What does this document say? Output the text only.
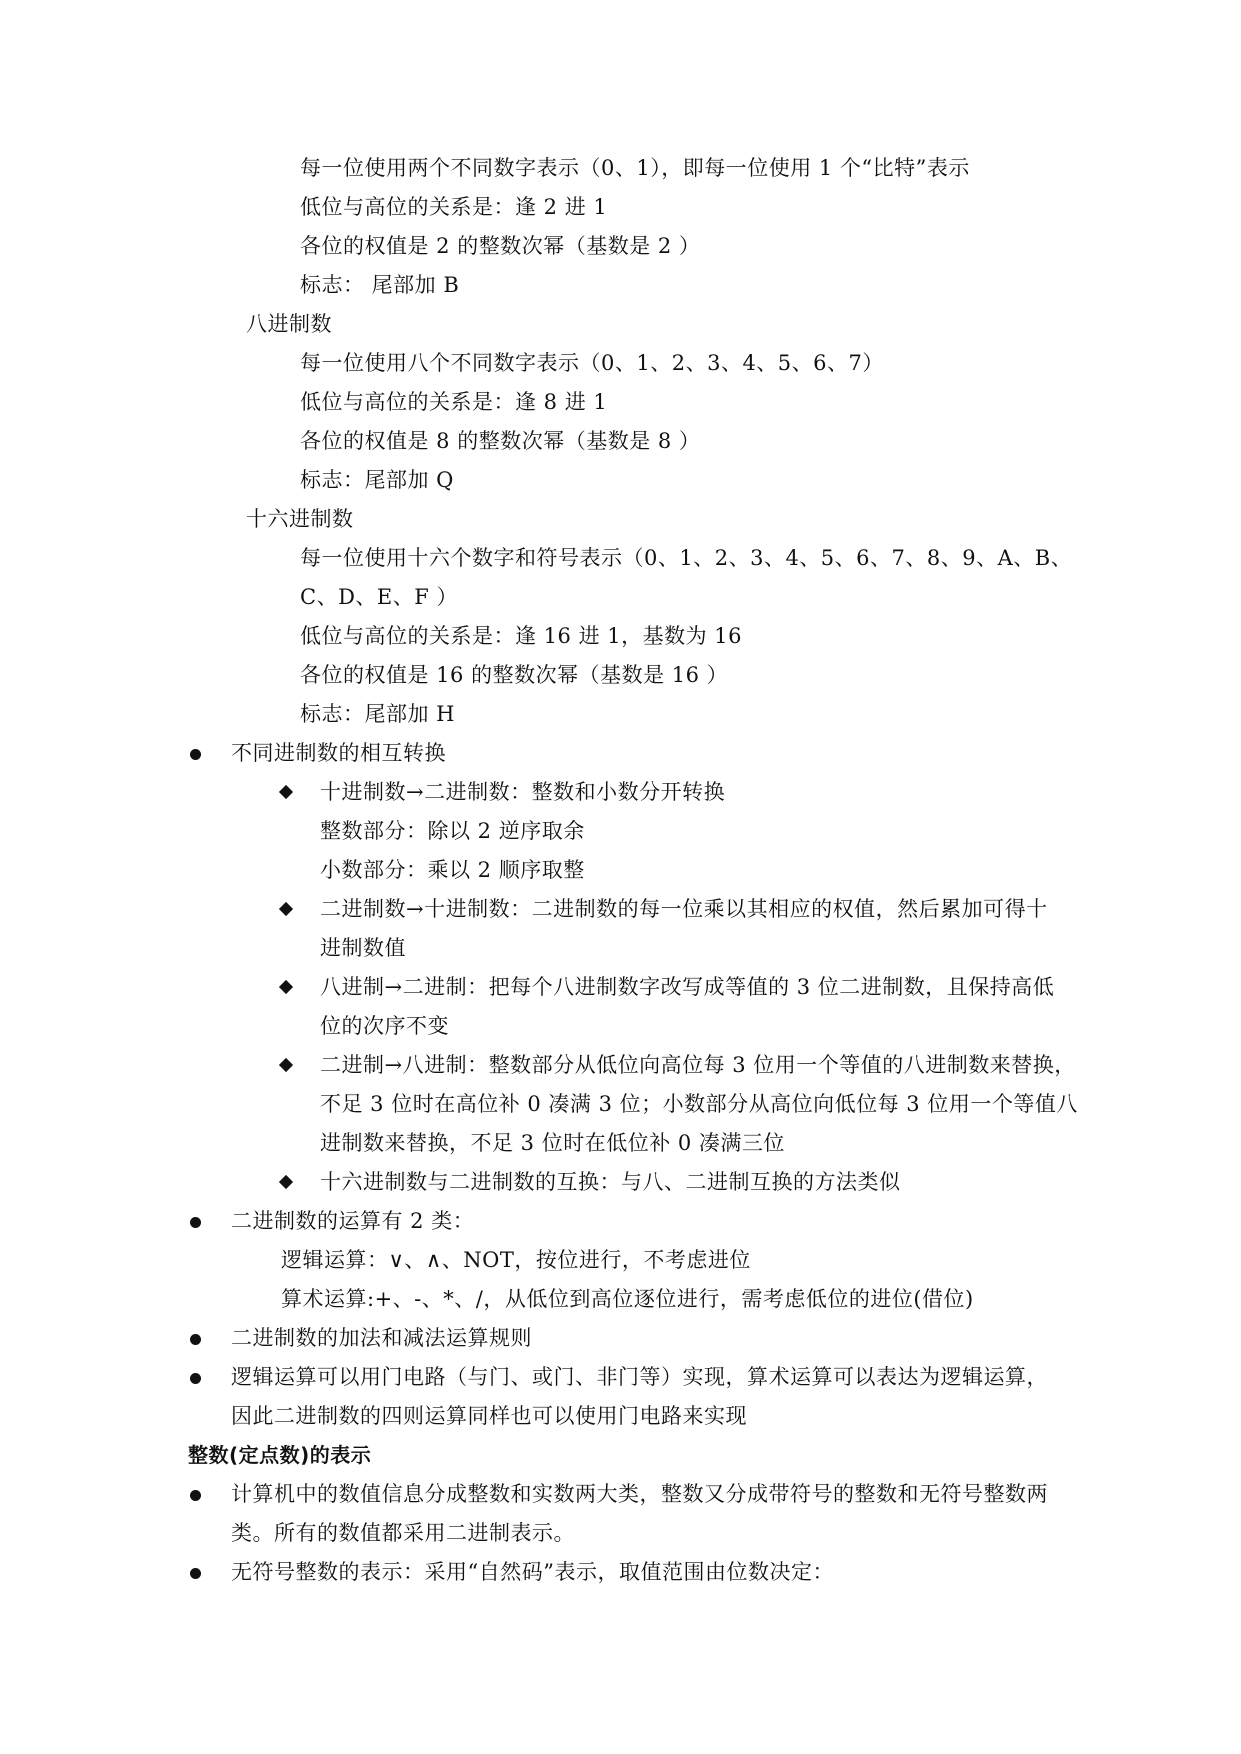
每一位使用两个不同数字表示（0、1），即每一位使用 1 个“比特”表示
低位与高位的关系是：逢 2 进 1
各位的权值是 2 的整数次幂（基数是 2 ）
标志： 尾部加 B
八进制数
每一位使用八个不同数字表示（0、1、2、3、4、5、6、7）
低位与高位的关系是：逢 8 进 1
各位的权值是 8 的整数次幂（基数是 8 ）
标志：尾部加 Q
十六进制数
每一位使用十六个数字和符号表示（0、1、2、3、4、5、6、7、8、9、A、B、
C、D、E、F ）
低位与高位的关系是：逢 16 进 1，基数为 16
各位的权值是 16 的整数次幂（基数是 16 ）
标志：尾部加 H
不同进制数的相互转换
十进制数→二进制数：整数和小数分开转换
整数部分：除以 2 逆序取余
小数部分：乘以 2 顺序取整
二进制数→十进制数：二进制数的每一位乘以其相应的权值，然后累加可得十
进制数值
八进制→二进制：把每个八进制数字改写成等值的 3 位二进制数，且保持高低
位的次序不变
二进制→八进制：整数部分从低位向高位每 3 位用一个等值的八进制数来替换，
不足 3 位时在高位补 0 凑满 3 位；小数部分从高位向低位每 3 位用一个等值八
进制数来替换，不足 3 位时在低位补 0 凑满三位
十六进制数与二进制数的互换：与八、二进制互换的方法类似
二进制数的运算有 2 类：
逻辑运算：∨、∧、NOT，按位进行，不考虑进位
算术运算:+、-、*、/，从低位到高位逐位进行，需考虑低位的进位(借位)
二进制数的加法和减法运算规则
逻辑运算可以用门电路（与门、或门、非门等）实现，算术运算可以表达为逻辑运算，
因此二进制数的四则运算同样也可以使用门电路来实现
整数(定点数)的表示
计算机中的数值信息分成整数和实数两大类，整数又分成带符号的整数和无符号整数两
类。所有的数值都采用二进制表示。
无符号整数的表示：采用“自然码”表示，取值范围由位数决定：
